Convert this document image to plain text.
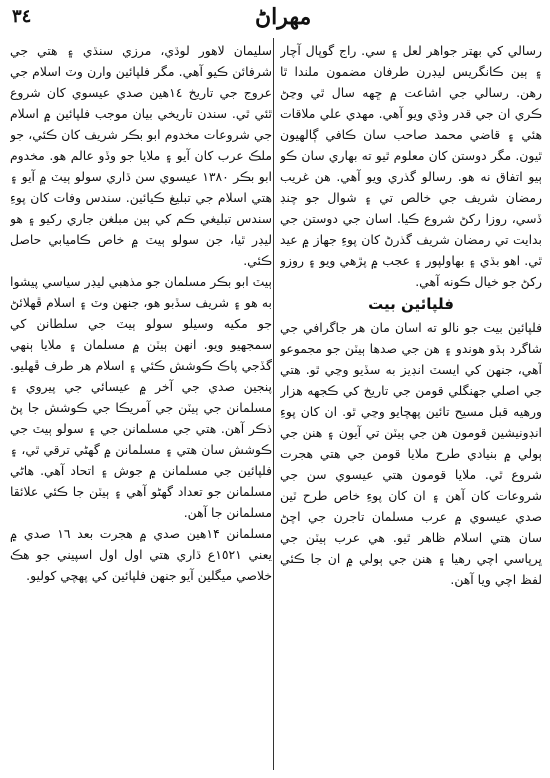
٣٤	مهراڻ

رسالي کي بهتر جواهر لعل ۽ سي. راج گوپال آچار ۽ ٻين ڪانگريس ليڊرن طرفان مضمون ملندا ٿا رهن. رسالي جي اشاعت ۾ ڇهه سال ٿي وڃڻ ڪري ان جي قدر وڌي ويو آهي. مهدي علي ملاقات هئي ۽ قاضي محمد صاحب سان ڪافي ڳالهيون ٿيون. مگر دوستن کان معلوم ٿيو ته بهاري سان ڪو ٻيو اتفاق نه هو. رسالو گذري ويو آهي. هن غريب رمضان شريف جي خالص تي ۽ شوال جو چنڊ ڏسي، روزا رکڻ شروع ڪيا. اسان جي دوستن جي بدايت تي رمضان شريف گذرڻ کان پوءِ جهاز ۾ عيد ٿي. اهو بڌي ۽ بهاولپور ۽ عجب ۾ پڙهي ويو ۽ روزو رکڻ جو خيال ڪونه آهي.

فلپائين بيت

فلپائين بيت جو نالو ته اسان مان هر جاگرافي جي شاگرد ٻڌو هوندو ۽ هن جي صدها ٻيٽن جو مجموعو آهي، جنهن کي ايسٽ انڊيز به سڏيو وڃي ٿو. هتي جي اصلي جهنگلي قومن جي تاريخ کي ڪجهه هزار ورهيه قبل مسيح تائين پهچايو وڃي ٿو. ان کان پوءِ انڊونيشين قومون هن جي ٻيٽن تي آيون ۽ هنن جي ٻولي ۾ بنيادي طرح ملايا قومن جي هتي هجرت شروع ٿي. ملايا قومون هتي عيسوي سن جي شروعات کان آهن ۽ ان کان پوءِ خاص طرح ٽين صدي عيسوي ۾ عرب مسلمان تاجرن جي اچڻ سان هتي اسلام ظاهر ٿيو. هي عرب ٻيٽن جي ڀرپاسي اچي رهيا ۽ هنن جي ٻولي ۾ ان جا ڪئي لفظ اچي ويا آهن.

سليمان لاهور لوڌي، مرزي سنڌي ۽ هتي جي شرفائن ڪيو آهي. مگر فلپائين وارن وٽ اسلام جي عروج جي تاريخ ١٤هين صدي عيسوي کان شروع ٿئي ٿي. سندن تاريخي بيان موجب فلپائين ۾ اسلام جي شروعات مخدوم ابو بڪر شريف کان ڪئي، جو ملڪ عرب کان آيو ۽ ملايا جو وڏو عالم هو. مخدوم ابو بڪر ١٣٨٠ عيسوي سن ڌاري سولو ٻيٽ ۾ آيو ۽ هتي اسلام جي تبليغ ڪيائين. سندس وفات کان پوءِ سندس تبليغي ڪم کي ٻين مبلغن جاري رکيو ۽ هو ليڊر ٿيا، جن سولو ٻيٽ ۾ خاص ڪاميابي حاصل ڪئي.

ٻيٽ ابو بڪر مسلمان جو مذهبي ليڊر سياسي پيشوا به هو ۽ شريف سڏبو هو، جنهن وٽ ۽ اسلام ڦهلائڻ جو مکيه وسيلو سولو ٻيٽ جي سلطانن کي سمجهيو ويو. انهن ٻيٽن ۾ مسلمان ۽ ملايا ٻنهي گڏجي پاڪ ڪوشش ڪئي ۽ اسلام هر طرف ڦهليو. پنجين صدي جي آخر ۾ عيسائي جي پيروي ۽ مسلمانن جي ٻيٽن جي آمريڪا جي ڪوشش جا پڻ ذڪر آهن. هتي جي مسلمانن جي ۽ سولو ٻيٽ جي ڪوشش سان هتي ۽ مسلمانن ۾ گهڻي ترقي ٿي، ۽ فلپائين جي مسلمانن ۾ جوش ۽ اتحاد آهي. هاڻي مسلمانن جو تعداد گهڻو آهي ۽ ٻيٽن جا ڪئي علائقا مسلمانن جا آهن.

مسلمانن ۱۴هين صدي ۾ هجرت بعد ١٦ صدي ۾ يعني ١٥٢١ع ڌاري هتي اول اول اسپيني جو هڪ خلاصي ميگلين آيو جنهن فلپائين کي پهچي کوليو.
